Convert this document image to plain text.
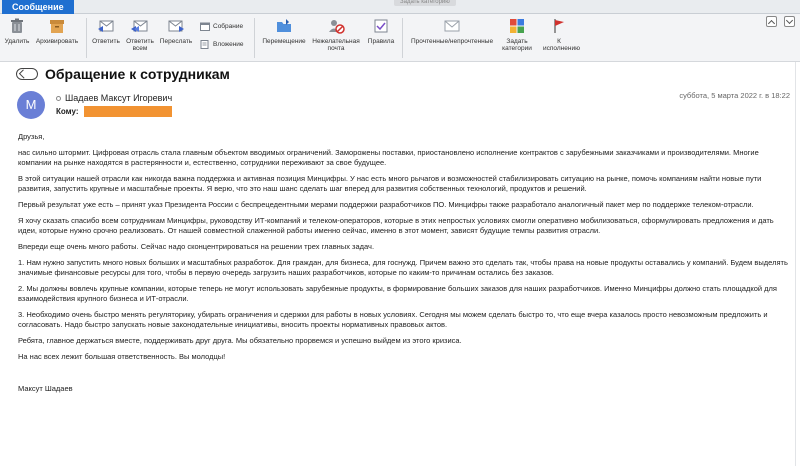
Сообщение	Задать категорию
Удалить Архивировать Ответить Ответить всем
Переслать
Собрание
Вложение	Перемещение	Нежелательная почта
Правила	Прочтенные/непрочтенные	Задать категории
К исполнению
Обращение к сотрудникам
M	Шадаев Максут Игоревич
Кому:
суббота, 5 марта 2022 г. в 18:22

Друзья,

нас сильно штормит. Цифровая отрасль стала главным объектом вводимых ограничений. Заморожены поставки, приостановлено исполнение контрактов с зарубежными заказчиками и производителями. Многие компании на рынке находятся в растерянности и, естественно, сотрудники переживают за свое будущее.

В этой ситуации нашей отрасли как никогда важна поддержка и активная позиция Минцифры. У нас есть много рычагов и возможностей стабилизировать ситуацию на рынке, помочь компаниям найти новые пути развития, запустить крупные и масштабные проекты. Я верю, что это наш шанс сделать шаг вперед для развития собственных технологий, продуктов и решений.

Первый результат уже есть – принят указ Президента России с беспрецедентными мерами поддержки разработчиков ПО. Минцифры также разработало аналогичный пакет мер по поддержке телеком-отрасли.

Я хочу сказать спасибо всем сотрудникам Минцифры, руководству ИТ-компаний и телеком-операторов, которые в этих непростых условиях смогли оперативно мобилизоваться, сформулировать предложения и дать идеи, которые нужно срочно реализовать. От нашей совместной слаженной работы именно сейчас, именно в этот момент, зависят будущие темпы развития отрасли.

Впереди еще очень много работы. Сейчас надо сконцентрироваться на решении трех главных задач.

1. Нам нужно запустить много новых больших и масштабных разработок. Для граждан, для бизнеса, для госнужд. Причем важно это сделать так, чтобы права на новые продукты оставались у компаний. Будем выделять значимые финансовые ресурсы для того, чтобы в первую очередь загрузить наших разработчиков, которые по каким-то причинам остались без заказов.

2. Мы должны вовлечь крупные компании, которые теперь не могут использовать зарубежные продукты, в формирование больших заказов для наших разработчиков. Именно Минцифры должно стать площадкой для взаимодействия крупного бизнеса и ИТ-отрасли.

3. Необходимо очень быстро менять регуляторику, убирать ограничения и сдержки для работы в новых условиях. Сегодня мы можем сделать быстро то, что еще вчера казалось просто невозможным предложить и согласовать. Надо быстро запускать новые законодательные инициативы, вносить проекты нормативных правовых актов.

Ребята, главное держаться вместе, поддерживать друг друга. Мы обязательно прорвемся и успешно выйдем из этого кризиса.

На нас всех лежит большая ответственность. Вы молодцы!

Максут Шадаев
